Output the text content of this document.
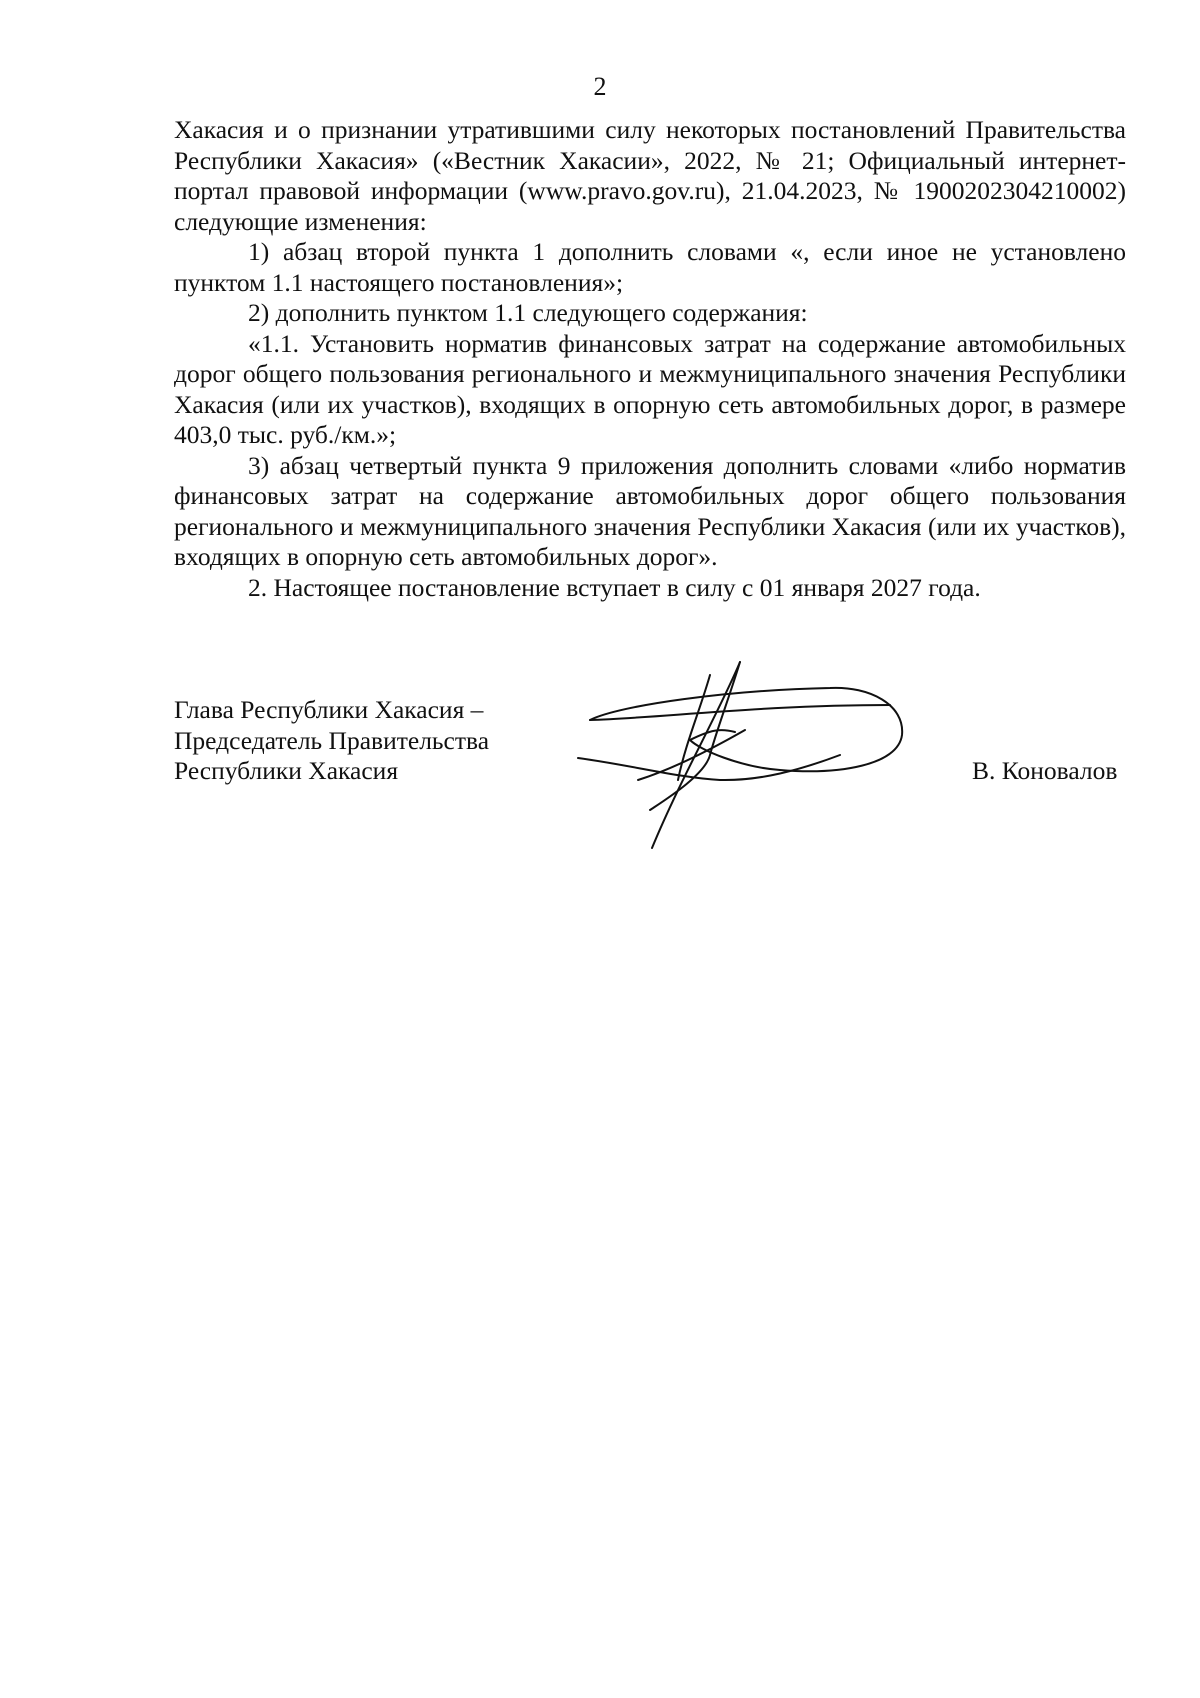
2

Хакасия и о признании утратившими силу некоторых постановлений Правительства Республики Хакасия» («Вестник Хакасии», 2022, № 21; Официальный интернет-портал правовой информации (www.pravo.gov.ru), 21.04.2023, № 1900202304210002) следующие изменения:

1) абзац второй пункта 1 дополнить словами «, если иное не установлено пунктом 1.1 настоящего постановления»;

2) дополнить пунктом 1.1 следующего содержания:

«1.1. Установить норматив финансовых затрат на содержание автомобильных дорог общего пользования регионального и межмуниципального значения Республики Хакасия (или их участков), входящих в опорную сеть автомобильных дорог, в размере 403,0 тыс. руб./км.»;

3) абзац четвертый пункта 9 приложения дополнить словами «либо норматив финансовых затрат на содержание автомобильных дорог общего пользования регионального и межмуниципального значения Республики Хакасия (или их участков), входящих в опорную сеть автомобильных дорог».

2. Настоящее постановление вступает в силу с 01 января 2027 года.

Глава Республики Хакасия –
Председатель Правительства
Республики Хакасия	В. Коновалов
